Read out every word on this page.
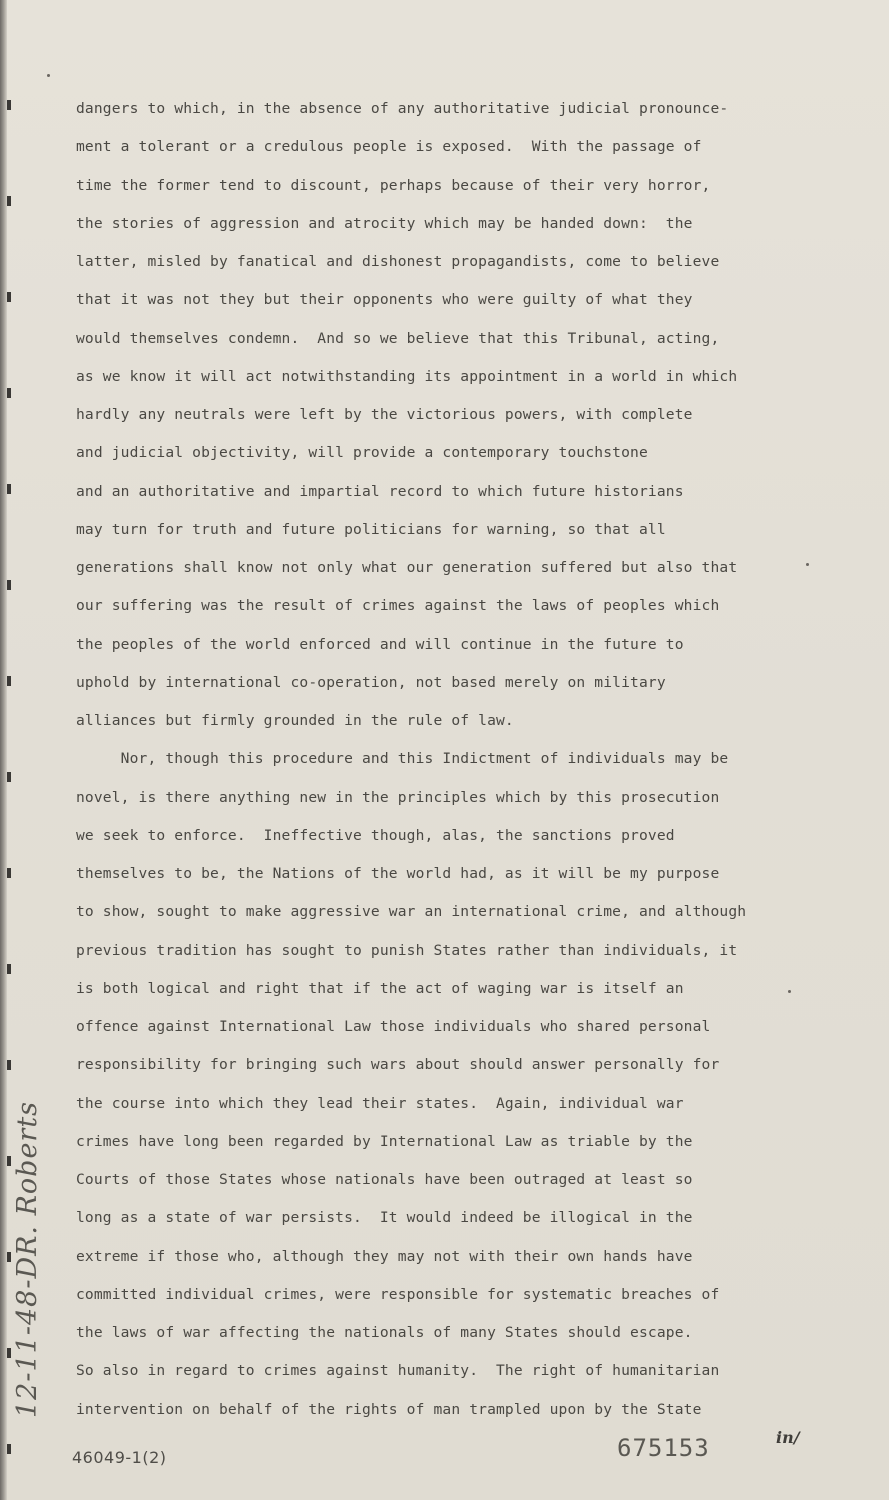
dangers to which, in the absence of any authoritative judicial pronounce-
ment a tolerant or a credulous people is exposed.  With the passage of
time the former tend to discount, perhaps because of their very horror,
the stories of aggression and atrocity which may be handed down:  the
latter, misled by fanatical and dishonest propagandists, come to believe
that it was not they but their opponents who were guilty of what they
would themselves condemn.  And so we believe that this Tribunal, acting,
as we know it will act notwithstanding its appointment in a world in which
hardly any neutrals were left by the victorious powers, with complete
and judicial objectivity, will provide a contemporary touchstone
and an authoritative and impartial record to which future historians
may turn for truth and future politicians for warning, so that all
generations shall know not only what our generation suffered but also that
our suffering was the result of crimes against the laws of peoples which
the peoples of the world enforced and will continue in the future to
uphold by international co-operation, not based merely on military
alliances but firmly grounded in the rule of law.
Nor, though this procedure and this Indictment of individuals may be
novel, is there anything new in the principles which by this prosecution
we seek to enforce.  Ineffective though, alas, the sanctions proved
themselves to be, the Nations of the world had, as it will be my purpose
to show, sought to make aggressive war an international crime, and although
previous tradition has sought to punish States rather than individuals, it
is both logical and right that if the act of waging war is itself an
offence against International Law those individuals who shared personal
responsibility for bringing such wars about should answer personally for
the course into which they lead their states.  Again, individual war
crimes have long been regarded by International Law as triable by the
Courts of those States whose nationals have been outraged at least so
long as a state of war persists.  It would indeed be illogical in the
extreme if those who, although they may not with their own hands have
committed individual crimes, were responsible for systematic breaches of
the laws of war affecting the nationals of many States should escape.
So also in regard to crimes against humanity.  The right of humanitarian
intervention on behalf of the rights of man trampled upon by the State
12-11-48-DR. Roberts
46049-1(2)	675153	in/
